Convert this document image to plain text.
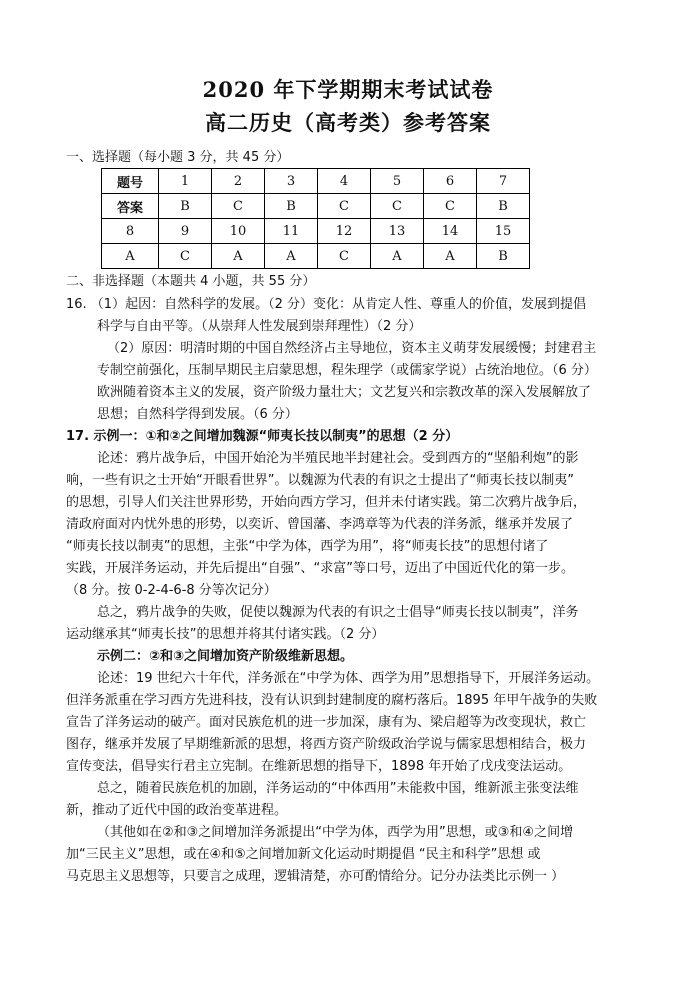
2020 年下学期期末考试试卷
高二历史（高考类）参考答案
一、选择题（每小题 3 分，共 45 分）
题号	1	2	3	4	5	6	7
答案	B	C	B	C	C	C	B
8	9	10	11	12	13	14	15
A	C	A	A	C	A	A	B
二、非选择题（本题共 4 小题，共 55 分）
16. （1）起因：自然科学的发展。（2 分）变化：从肯定人性、尊重人的价值，发展到提倡
科学与自由平等。（从崇拜人性发展到崇拜理性）（2 分）
（2）原因：明清时期的中国自然经济占主导地位，资本主义萌芽发展缓慢；封建君主
专制空前强化，压制早期民主启蒙思想，程朱理学（或儒家学说）占统治地位。（6 分）
欧洲随着资本主义的发展，资产阶级力量壮大；文艺复兴和宗教改革的深入发展解放了
思想；自然科学得到发展。（6 分）
17. 示例一：①和②之间增加魏源“师夷长技以制夷”的思想（2 分）
论述：鸦片战争后，中国开始沦为半殖民地半封建社会。受到西方的“坚船利炮”的影
响，一些有识之士开始“开眼看世界”。以魏源为代表的有识之士提出了“师夷长技以制夷”
的思想，引导人们关注世界形势，开始向西方学习，但并未付诸实践。第二次鸦片战争后，
清政府面对内忧外患的形势，以奕䜣、曾国藩、李鸿章等为代表的洋务派，继承并发展了
“师夷长技以制夷”的思想，主张“中学为体，西学为用”，将“师夷长技”的思想付诸了
实践，开展洋务运动，并先后提出“自强”、“求富”等口号，迈出了中国近代化的第一步。
（8 分。按 0-2-4-6-8 分等次记分）
总之，鸦片战争的失败，促使以魏源为代表的有识之士倡导“师夷长技以制夷”，洋务
运动继承其“师夷长技”的思想并将其付诸实践。（2 分）
示例二：②和③之间增加资产阶级维新思想。
论述：19 世纪六十年代，洋务派在“中学为体、西学为用”思想指导下，开展洋务运动。
但洋务派重在学习西方先进科技，没有认识到封建制度的腐朽落后。1895 年甲午战争的失败
宣告了洋务运动的破产。面对民族危机的进一步加深，康有为、梁启超等为改变现状，救亡
图存，继承并发展了早期维新派的思想，将西方资产阶级政治学说与儒家思想相结合，极力
宣传变法，倡导实行君主立宪制。在维新思想的指导下，1898 年开始了戊戌变法运动。
总之，随着民族危机的加剧，洋务运动的“中体西用”未能救中国，维新派主张变法维
新，推动了近代中国的政治变革进程。
（其他如在②和③之间增加洋务派提出“中学为体，西学为用”思想，或③和④之间增
加“三民主义”思想，或在④和⑤之间增加新文化运动时期提倡 “民主和科学”思想 或
马克思主义思想等，只要言之成理，逻辑清楚，亦可酌情给分。记分办法类比示例一 ）
